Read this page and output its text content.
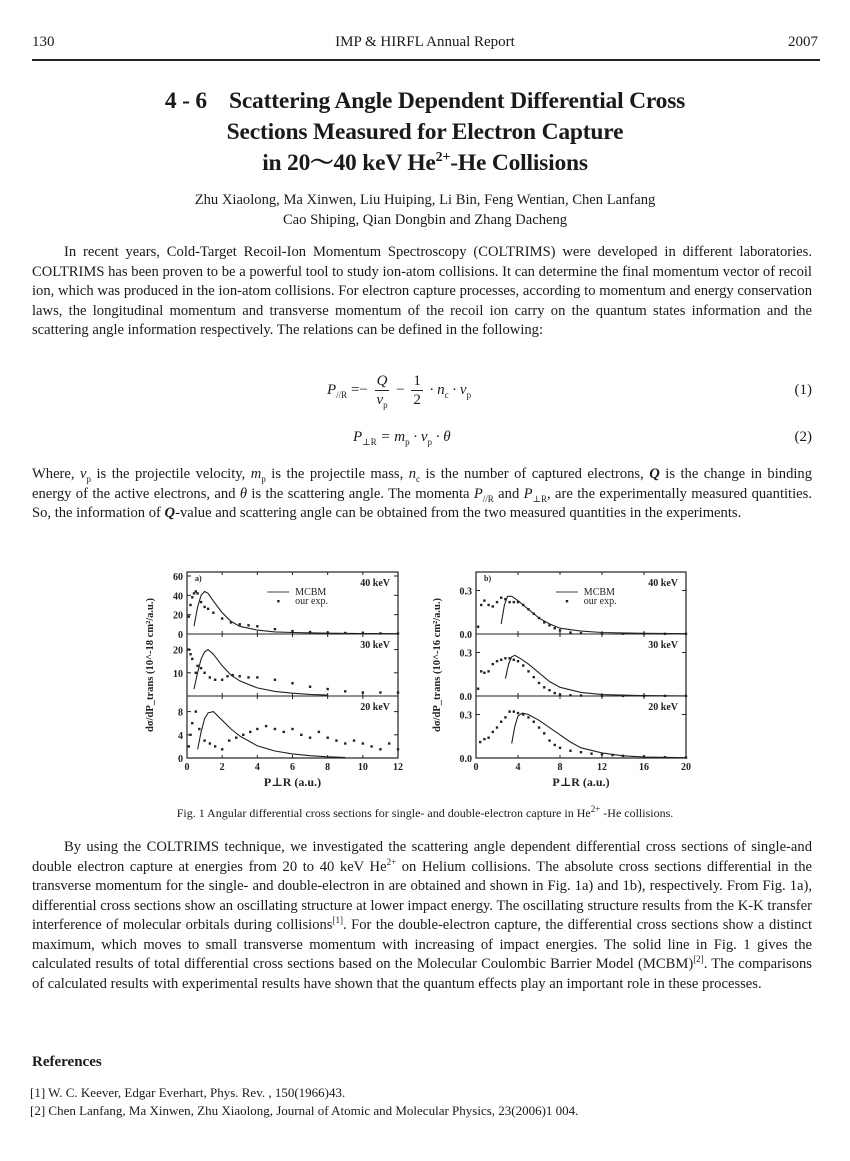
130	IMP & HIRFL Annual Report	2007
4 - 6 Scattering Angle Dependent Differential Cross
Sections Measured for Electron Capture
in 20～40 keV $He^{2+}-He$ Collisions
Zhu Xiaolong, Ma Xinwen, Liu Huiping, Li Bin, Feng Wentian, Chen Lanfang
Cao Shiping, Qian Dongbin and Zhang Dacheng

In recent years, Cold-Target Recoil-Ion Momentum Spectroscopy (COLTRIMS) were developed in different laboratories. COLTRIMS has been proven to be a powerful tool to study ion-atom collisions. It can determine the final momentum vector of recoil ion, which was produced in the ion-atom collisions. For electron capture processes, according to momentum and energy conservation laws, the longitudinal momentum and transverse momentum of the recoil ion carry on the quantum states information and the scattering angle information respectively. The relations can be defined in the following:

$P_{//R} =- \frac{Q}{v_p} - \frac{1}{2} \cdot n_c \cdot v_p$	(1)
$P_{\perp R} = m_p \cdot v_p \cdot \theta$	(2)

Where, $v_p$ is the projectile velocity, $m_p$ is the projectile mass, $n_c$ is the number of captured electrons, Q is the change in binding energy of the active electrons, and θ is the scattering angle. The momenta $P_{//R}$ and $P_{\perp R}$, are the experimentally measured quantities. So, the information of Q-value and scattering angle can be obtained from the two measured quantities in the experiments.

0
20
40
60
40 keV
10
20
30 keV
0
4
8
20 keV
0	2	4	6	8	10	12
P⊥R (a.u.)
dσ/dP_trans (10^-18 cm²/a.u.)
a)
MCBM
our exp.
0.0
0.3
40 keV
0.0
0.3
30 keV
0.0
0.3
20 keV
0	4	8	12	16	20
P⊥R (a.u.)
dσ/dP_trans (10^-16 cm²/a.u.)
b)
MCBM
our exp.
Fig. 1 Angular differential cross sections for single- and double-electron capture in $He^{2+}$ -He collisions.

By using the COLTRIMS technique, we investigated the scattering angle dependent differential cross sections of single-and double electron capture at energies from 20 to 40 keV $He^{2+}$ on Helium collisions. The absolute cross sections differential in the transverse momentum for the single- and double-electron in are obtained and shown in Fig. 1a) and 1b), respectively. From Fig. 1a), differential cross sections show an oscillating structure at lower impact energy. The oscillating structure results from the K-K transfer interference of molecular orbitals during collisions[1]. For the double-electron capture, the differential cross sections show a distinct maximum, which moves to small transverse momentum with increasing of impact energies. The solid line in Fig. 1 gives the calculated results of total differential cross sections based on the Molecular Coulombic Barrier Model (MCBM)[2]. The comparisons of calculated results with experimental results have shown that the quantum effects play an important role in these processes.

References
[1] W. C. Keever, Edgar Everhart, Phys. Rev. , 150(1966)43.
[2] Chen Lanfang, Ma Xinwen, Zhu Xiaolong, Journal of Atomic and Molecular Physics, 23(2006)1 004.
